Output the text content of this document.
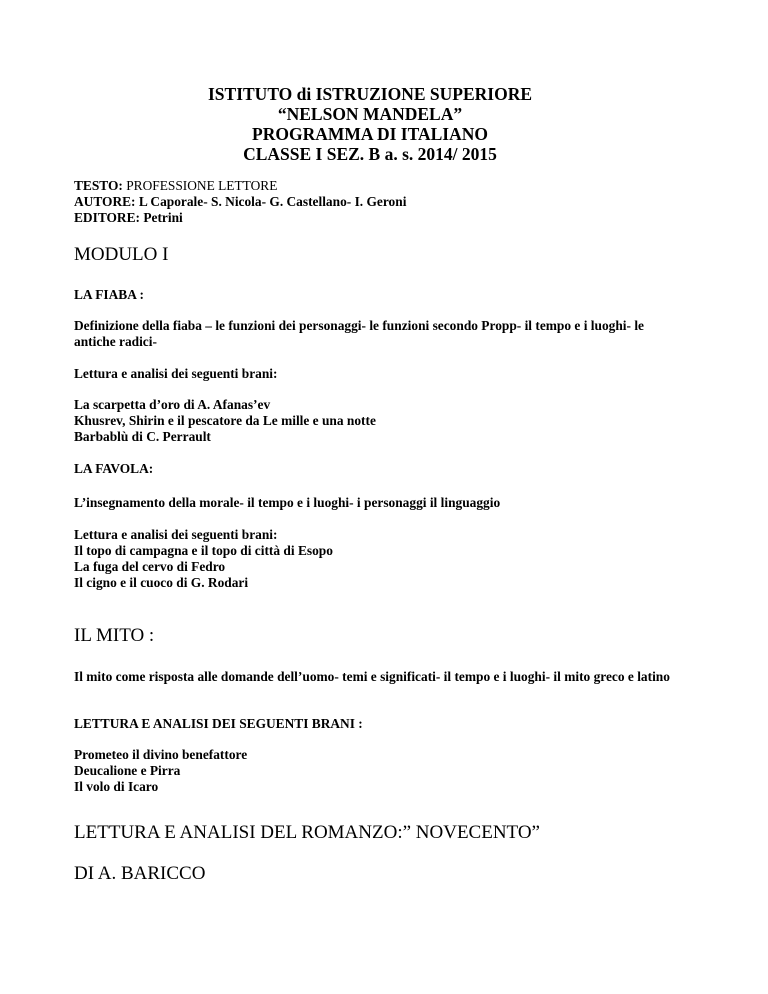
ISTITUTO di ISTRUZIONE SUPERIORE
“NELSON MANDELA”
PROGRAMMA DI ITALIANO
CLASSE I SEZ. B a. s. 2014/ 2015
TESTO: PROFESSIONE LETTORE
AUTORE: L Caporale- S. Nicola- G. Castellano- I. Geroni
EDITORE: Petrini
MODULO I
LA FIABA :
Definizione della fiaba – le funzioni dei personaggi- le funzioni secondo Propp- il tempo e i luoghi- le antiche radici-
Lettura e analisi dei seguenti brani:
La scarpetta d’oro di A. Afanas’ev
Khusrev, Shirin e il pescatore da Le mille e una notte
Barbablù di C. Perrault
LA FAVOLA:
L’insegnamento della morale- il tempo e i luoghi- i personaggi il linguaggio
Lettura e analisi dei seguenti brani:
Il topo di campagna e il topo di città di Esopo
La fuga del cervo di Fedro
Il cigno e il cuoco di G. Rodari
IL MITO :
Il mito come risposta alle domande dell’uomo- temi e significati- il tempo e i luoghi- il mito greco e latino
LETTURA E ANALISI DEI SEGUENTI BRANI :
Prometeo il divino benefattore
Deucalione e Pirra
Il volo di Icaro
LETTURA E ANALISI DEL ROMANZO:” NOVECENTO”
DI A. BARICCO
